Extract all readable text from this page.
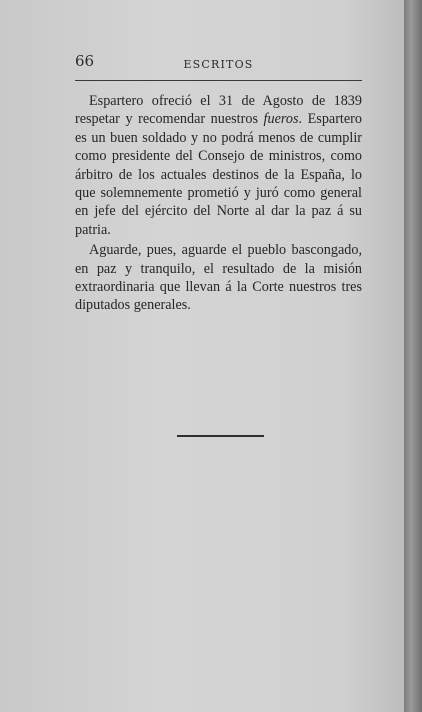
66	ESCRITOS

Espartero ofreció el 31 de Agosto de 1839 respetar y recomendar nuestros fueros. Espartero es un buen soldado y no podrá menos de cumplir como presidente del Consejo de ministros, como árbitro de los actuales destinos de la España, lo que solemnemente prometió y juró como general en jefe del ejército del Norte al dar la paz á su patria.

Aguarde, pues, aguarde el pueblo bascongado, en paz y tranquilo, el resultado de la misión extraordinaria que llevan á la Corte nuestros tres diputados generales.
